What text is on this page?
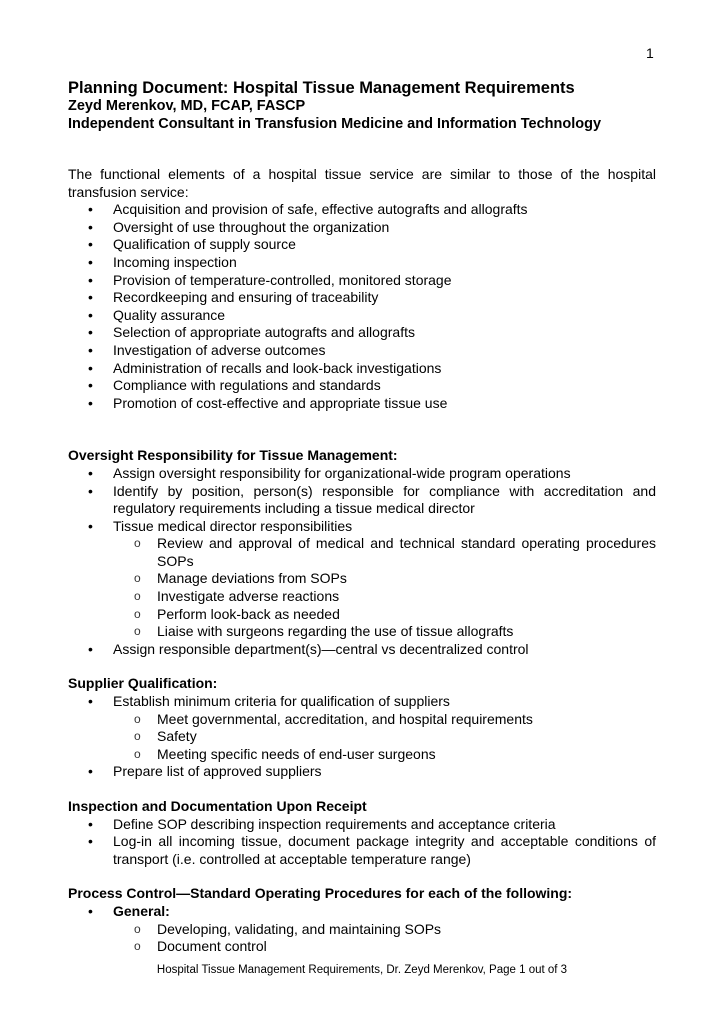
1
Planning Document: Hospital Tissue Management Requirements
Zeyd Merenkov, MD, FCAP, FASCP
Independent Consultant in Transfusion Medicine and Information Technology

The functional elements of a hospital tissue service are similar to those of the hospital transfusion service:

• Acquisition and provision of safe, effective autografts and allografts
• Oversight of use throughout the organization
• Qualification of supply source
• Incoming inspection
• Provision of temperature-controlled, monitored storage
• Recordkeeping and ensuring of traceability
• Quality assurance
• Selection of appropriate autografts and allografts
• Investigation of adverse outcomes
• Administration of recalls and look-back investigations
• Compliance with regulations and standards
• Promotion of cost-effective and appropriate tissue use
Oversight Responsibility for Tissue Management:
• Assign oversight responsibility for organizational-wide program operations
• Identify by position, person(s) responsible for compliance with accreditation and regulatory requirements including a tissue medical director
• Tissue medical director responsibilities
o Review and approval of medical and technical standard operating procedures SOPs
o Manage deviations from SOPs
o Investigate adverse reactions
o Perform look-back as needed
o Liaise with surgeons regarding the use of tissue allografts
• Assign responsible department(s)—central vs decentralized control
Supplier Qualification:
• Establish minimum criteria for qualification of suppliers
o Meet governmental, accreditation, and hospital requirements
o Safety
o Meeting specific needs of end-user surgeons
• Prepare list of approved suppliers
Inspection and Documentation Upon Receipt
• Define SOP describing inspection requirements and acceptance criteria
• Log-in all incoming tissue, document package integrity and acceptable conditions of transport (i.e. controlled at acceptable temperature range)
Process Control—Standard Operating Procedures for each of the following:
• General:
o Developing, validating, and maintaining SOPs
o Document control
Hospital Tissue Management Requirements, Dr. Zeyd Merenkov, Page 1 out of 3
